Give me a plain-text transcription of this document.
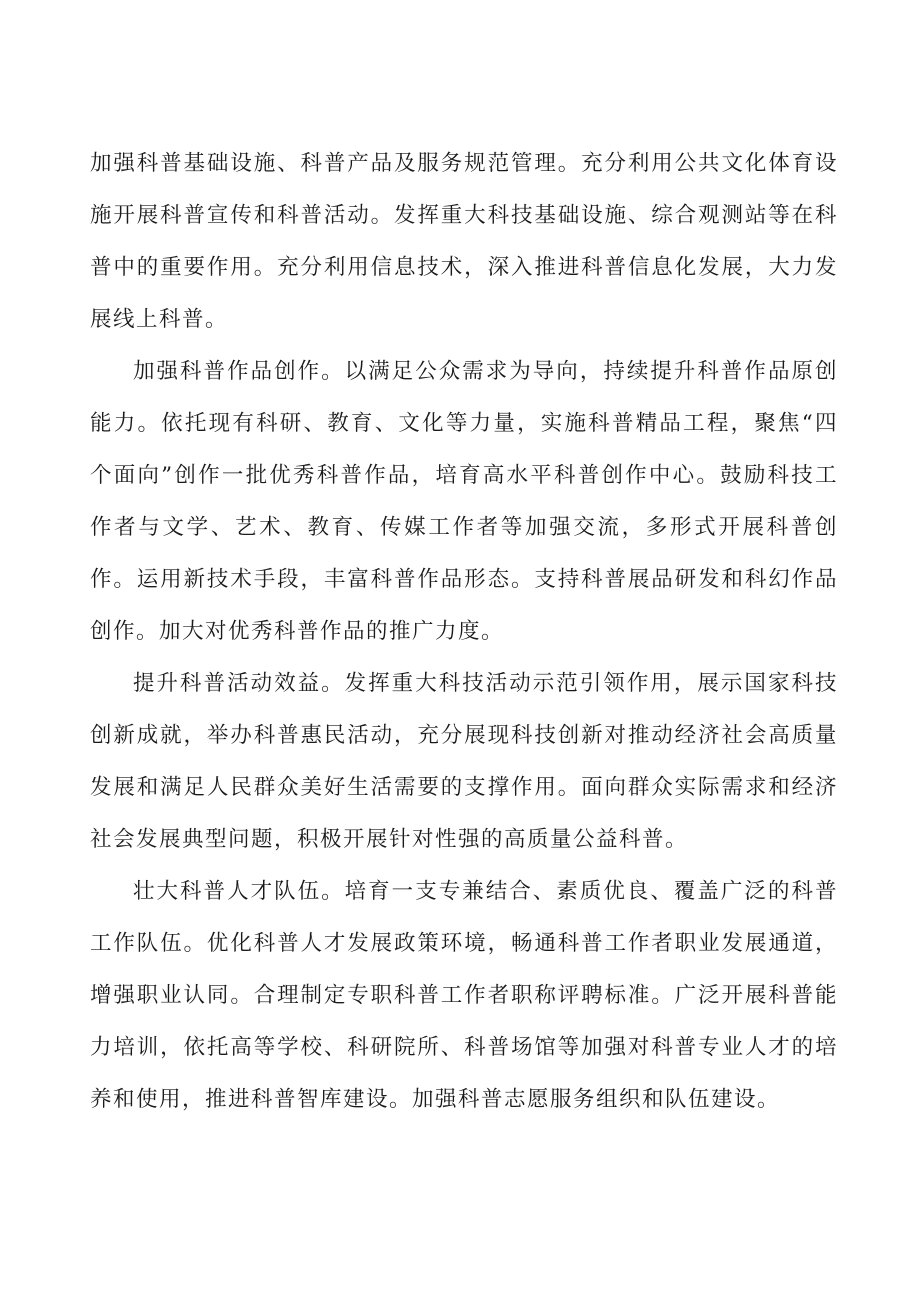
加强科普基础设施、科普产品及服务规范管理。充分利用公共文化体育设施开展科普宣传和科普活动。发挥重大科技基础设施、综合观测站等在科普中的重要作用。充分利用信息技术，深入推进科普信息化发展，大力发展线上科普。

加强科普作品创作。以满足公众需求为导向，持续提升科普作品原创能力。依托现有科研、教育、文化等力量，实施科普精品工程，聚焦“四个面向”创作一批优秀科普作品，培育高水平科普创作中心。鼓励科技工作者与文学、艺术、教育、传媒工作者等加强交流，多形式开展科普创作。运用新技术手段，丰富科普作品形态。支持科普展品研发和科幻作品创作。加大对优秀科普作品的推广力度。

提升科普活动效益。发挥重大科技活动示范引领作用，展示国家科技创新成就，举办科普惠民活动，充分展现科技创新对推动经济社会高质量发展和满足人民群众美好生活需要的支撑作用。面向群众实际需求和经济社会发展典型问题，积极开展针对性强的高质量公益科普。

壮大科普人才队伍。培育一支专兼结合、素质优良、覆盖广泛的科普工作队伍。优化科普人才发展政策环境，畅通科普工作者职业发展通道，增强职业认同。合理制定专职科普工作者职称评聘标准。广泛开展科普能力培训，依托高等学校、科研院所、科普场馆等加强对科普专业人才的培养和使用，推进科普智库建设。加强科普志愿服务组织和队伍建设。
